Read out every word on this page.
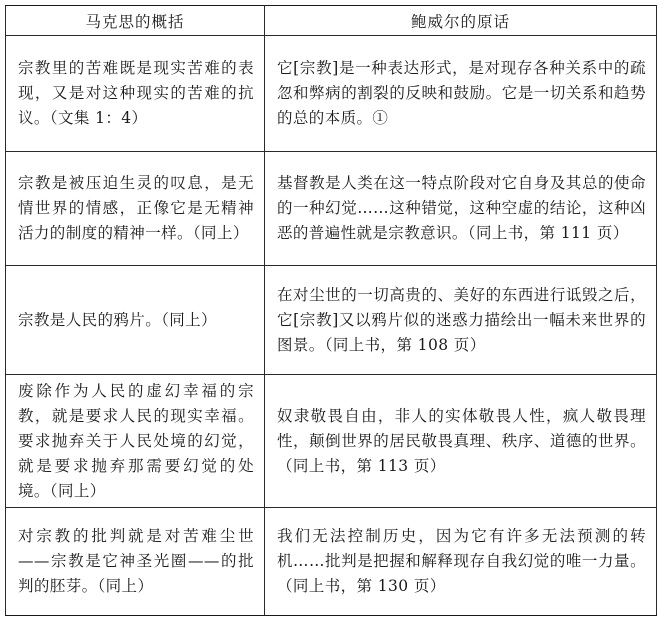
马克思的概括	鲍威尔的原话
宗教里的苦难既是现实苦难的表现，又是对这种现实的苦难的抗议。（文集 1：4）	它[宗教]是一种表达形式，是对现存各种关系中的疏忽和弊病的割裂的反映和鼓励。它是一切关系和趋势的总的本质。①
宗教是被压迫生灵的叹息，是无情世界的情感，正像它是无精神活力的制度的精神一样。（同上）	基督教是人类在这一特点阶段对它自身及其总的使命的一种幻觉……这种错觉，这种空虚的结论，这种凶恶的普遍性就是宗教意识。（同上书，第 111 页）
宗教是人民的鸦片。（同上）	在对尘世的一切高贵的、美好的东西进行诋毁之后，它[宗教]又以鸦片似的迷惑力描绘出一幅未来世界的图景。（同上书，第 108 页）
废除作为人民的虚幻幸福的宗教，就是要求人民的现实幸福。要求抛弃关于人民处境的幻觉，就是要求抛弃那需要幻觉的处境。（同上）	奴隶敬畏自由，非人的实体敬畏人性，疯人敬畏理性，颠倒世界的居民敬畏真理、秩序、道德的世界。（同上书，第 113 页）
对宗教的批判就是对苦难尘世——宗教是它神圣光圈——的批判的胚芽。（同上）	我们无法控制历史，因为它有许多无法预测的转机……批判是把握和解释现存自我幻觉的唯一力量。（同上书，第 130 页）
